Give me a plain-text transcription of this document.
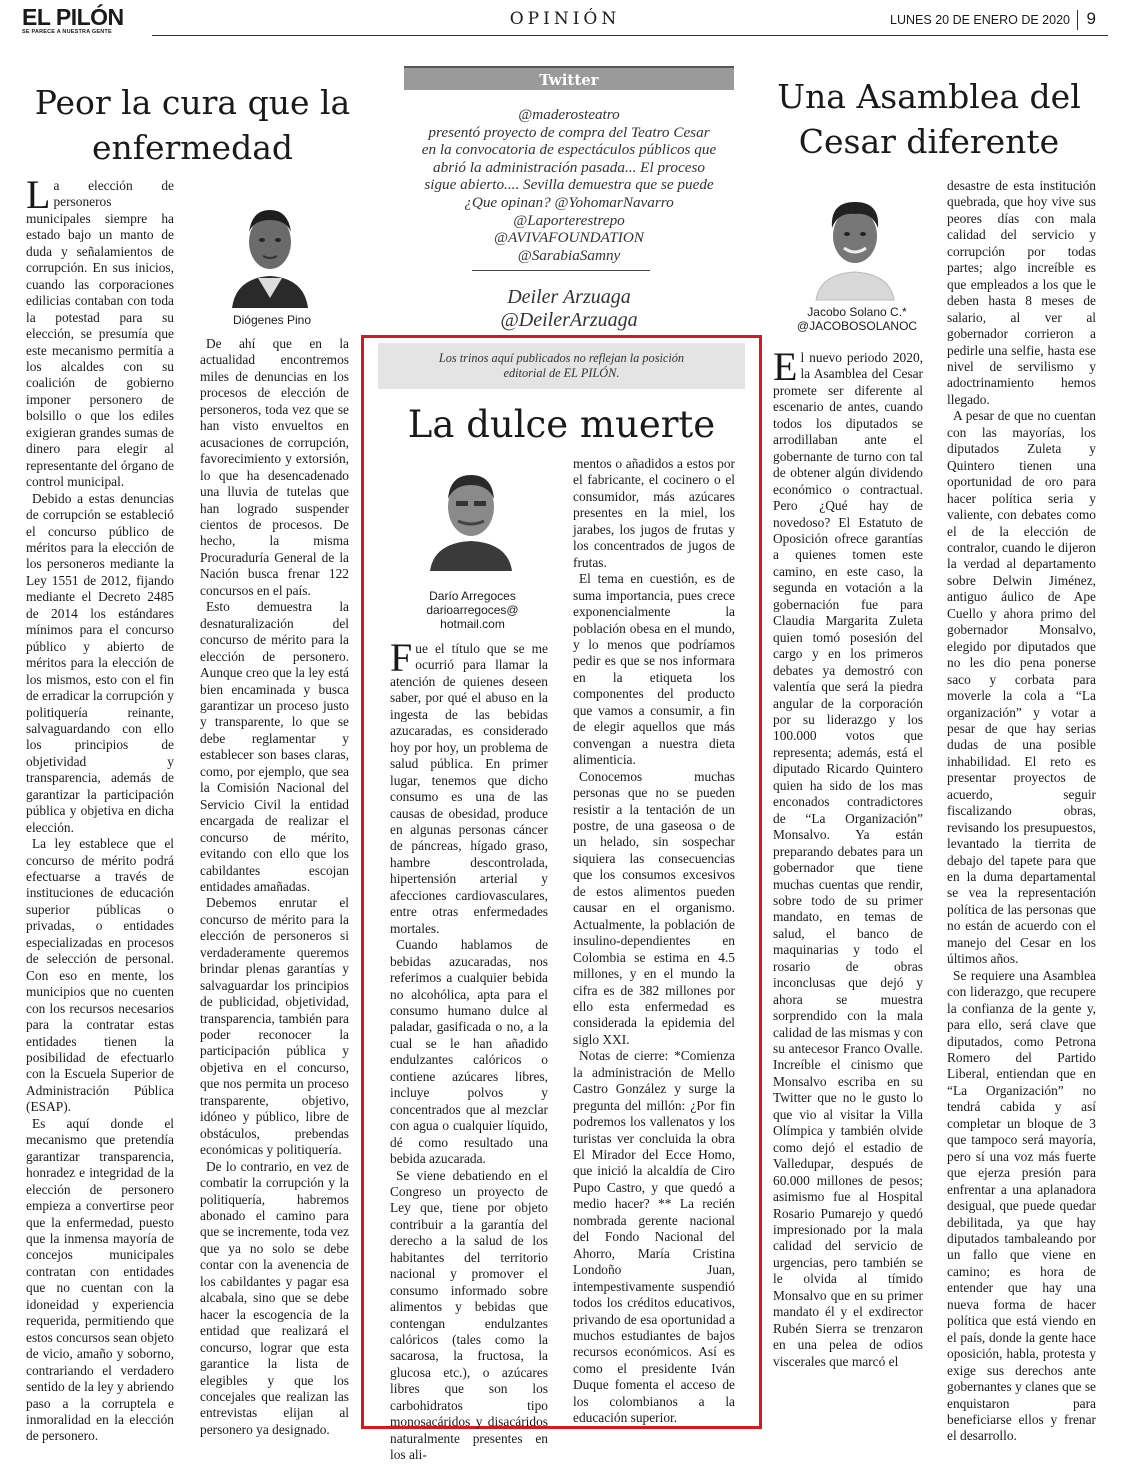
EL PILÓN
SE PARECE A NUESTRA GENTE
OPINIÓN	LUNES 20 DE ENERO DE 2020 9
Peor la cura que la enfermedad
Diógenes Pino

La elección de personeros municipales siempre ha estado bajo un manto de duda y señalamientos de corrupción. En sus inicios, cuando las corporaciones edilicias contaban con toda la potestad para su elección, se presumía que este mecanismo permitía a los alcaldes con su coalición de gobierno imponer personero de bolsillo o que los ediles exigieran grandes sumas de dinero para elegir al representante del órgano de control municipal.

Debido a estas denuncias de corrupción se estableció el concurso público de méritos para la elección de los personeros mediante la Ley 1551 de 2012, fijando mediante el Decreto 2485 de 2014 los estándares mínimos para el concurso público y abierto de méritos para la elección de los mismos, esto con el fin de erradicar la corrupción y politiquería reinante, salvaguardando con ello los principios de objetividad y transparencia, además de garantizar la participación pública y objetiva en dicha elección.

La ley establece que el concurso de mérito podrá efectuarse a través de instituciones de educación superior públicas o privadas, o entidades especializadas en procesos de selección de personal. Con eso en mente, los municipios que no cuenten con los recursos necesarios para la contratar estas entidades tienen la posibilidad de efectuarlo con la Escuela Superior de Administración Pública (ESAP).

Es aquí donde el mecanismo que pretendía garantizar transparencia, honradez e integridad de la elección de personero empieza a convertirse peor que la enfermedad, puesto que la inmensa mayoría de concejos municipales contratan con entidades que no cuentan con la idoneidad y experiencia requerida, permitiendo que estos concursos sean objeto de vicio, amaño y soborno, contrariando el verdadero sentido de la ley y abriendo paso a la corruptela e inmoralidad en la elección de personero.

De ahí que en la actualidad encontremos miles de denuncias en los procesos de elección de personeros, toda vez que se han visto envueltos en acusaciones de corrupción, favorecimiento y extorsión, lo que ha desencadenado una lluvia de tutelas que han logrado suspender cientos de procesos. De hecho, la misma Procuraduría General de la Nación busca frenar 122 concursos en el país.

Esto demuestra la desnaturalización del concurso de mérito para la elección de personero. Aunque creo que la ley está bien encaminada y busca garantizar un proceso justo y transparente, lo que se debe reglamentar y establecer son bases claras, como, por ejemplo, que sea la Comisión Nacional del Servicio Civil la entidad encargada de realizar el concurso de mérito, evitando con ello que los cabildantes escojan entidades amañadas.

Debemos enrutar el concurso de mérito para la elección de personeros si verdaderamente queremos brindar plenas garantías y salvaguardar los principios de publicidad, objetividad, transparencia, también para poder reconocer la participación pública y objetiva en el concurso, que nos permita un proceso transparente, objetivo, idóneo y público, libre de obstáculos, prebendas económicas y politiquería.

De lo contrario, en vez de combatir la corrupción y la politiquería, habremos abonado el camino para que se incremente, toda vez que ya no solo se debe contar con la avenencia de los cabildantes y pagar esa alcabala, sino que se debe hacer la escogencia de la entidad que realizará el concurso, lograr que esta garantice la lista de elegibles y que los concejales que realizan las entrevistas elijan al personero ya designado.

Twitter
@maderosteatro
presentó proyecto de compra del Teatro Cesar
en la convocatoria de espectáculos públicos que
abrió la administración pasada... El proceso
sigue abierto.... Sevilla demuestra que se puede
¿Que opinan? @YohomarNavarro
@Laporterestrepo
@AVIVAFOUNDATION
@SarabiaSamny
Deiler Arzuaga
@DeilerArzuaga
Los trinos aquí publicados no reflejan la posición
editorial de EL PILÓN.
La dulce muerte
Darío Arregoces
darioarregoces@
hotmail.com

Fue el título que se me ocurrió para llamar la atención de quienes deseen saber, por qué el abuso en la ingesta de las bebidas azucaradas, es considerado hoy por hoy, un problema de salud pública. En primer lugar, tenemos que dicho consumo es una de las causas de obesidad, produce en algunas personas cáncer de páncreas, hígado graso, hambre descontrolada, hipertensión arterial y afecciones cardiovasculares, entre otras enfermedades mortales.

Cuando hablamos de bebidas azucaradas, nos referimos a cualquier bebida no alcohólica, apta para el consumo humano dulce al paladar, gasificada o no, a la cual se le han añadido endulzantes calóricos o contiene azúcares libres, incluye polvos y concentrados que al mezclar con agua o cualquier líquido, dé como resultado una bebida azucarada.

Se viene debatiendo en el Congreso un proyecto de Ley que, tiene por objeto contribuir a la garantía del derecho a la salud de los habitantes del territorio nacional y promover el consumo informado sobre alimentos y bebidas que contengan endulzantes calóricos (tales como la sacarosa, la fructosa, la glucosa etc.), o azúcares libres que son los carbohidratos tipo monosacáridos y disacáridos naturalmente presentes en los ali-

mentos o añadidos a estos por el fabricante, el cocinero o el consumidor, más azúcares presentes en la miel, los jarabes, los jugos de frutas y los concentrados de jugos de frutas.

El tema en cuestión, es de suma importancia, pues crece exponencialmente la población obesa en el mundo, y lo menos que podríamos pedir es que se nos informara en la etiqueta los componentes del producto que vamos a consumir, a fin de elegir aquellos que más convengan a nuestra dieta alimenticia.

Conocemos muchas personas que no se pueden resistir a la tentación de un postre, de una gaseosa o de un helado, sin sospechar siquiera las consecuencias que los consumos excesivos de estos alimentos pueden causar en el organismo. Actualmente, la población de insulino-dependientes en Colombia se estima en 4.5 millones, y en el mundo la cifra es de 382 millones por ello esta enfermedad es considerada la epidemia del siglo XXI.

Notas de cierre: *Comienza la administración de Mello Castro González y surge la pregunta del millón: ¿Por fin podremos los vallenatos y los turistas ver concluida la obra El Mirador del Ecce Homo, que inició la alcaldía de Ciro Pupo Castro, y que quedó a medio hacer? ** La recién nombrada gerente nacional del Fondo Nacional del Ahorro, María Cristina Londoño Juan, intempestivamente suspendió todos los créditos educativos, privando de esa oportunidad a muchos estudiantes de bajos recursos económicos. Así es como el presidente Iván Duque fomenta el acceso de los colombianos a la educación superior.

Una Asamblea del Cesar diferente
Jacobo Solano C.*
@JACOBOSOLANOC

El nuevo periodo 2020, la Asamblea del Cesar promete ser diferente al escenario de antes, cuando todos los diputados se arrodillaban ante el gobernante de turno con tal de obtener algún dividendo económico o contractual. Pero ¿Qué hay de novedoso? El Estatuto de Oposición ofrece garantías a quienes tomen este camino, en este caso, la segunda en votación a la gobernación fue para Claudia Margarita Zuleta quien tomó posesión del cargo y en los primeros debates ya demostró con valentía que será la piedra angular de la corporación por su liderazgo y los 100.000 votos que representa; además, está el diputado Ricardo Quintero quien ha sido de los mas enconados contradictores de “La Organización” Monsalvo. Ya están preparando debates para un gobernador que tiene muchas cuentas que rendir, sobre todo de su primer mandato, en temas de salud, el banco de maquinarias y todo el rosario de obras inconclusas que dejó y ahora se muestra sorprendido con la mala calidad de las mismas y con su antecesor Franco Ovalle. Increíble el cinismo que Monsalvo escriba en su Twitter que no le gusto lo que vio al visitar la Villa Olímpica y también olvide como dejó el estadio de Valledupar, después de 60.000 millones de pesos; asimismo fue al Hospital Rosario Pumarejo y quedó impresionado por la mala calidad del servicio de urgencias, pero también se le olvida al tímido Monsalvo que en su primer mandato él y el exdirector Rubén Sierra se trenzaron en una pelea de odios viscerales que marcó el

desastre de esta institución quebrada, que hoy vive sus peores días con mala calidad del servicio y corrupción por todas partes; algo increíble es que empleados a los que le deben hasta 8 meses de salario, al ver al gobernador corrieron a pedirle una selfie, hasta ese nivel de servilismo y adoctrinamiento hemos llegado.

A pesar de que no cuentan con las mayorías, los diputados Zuleta y Quintero tienen una oportunidad de oro para hacer política seria y valiente, con debates como el de la elección de contralor, cuando le dijeron la verdad al departamento sobre Delwin Jiménez, antiguo áulico de Ape Cuello y ahora primo del gobernador Monsalvo, elegido por diputados que no les dio pena ponerse saco y corbata para moverle la cola a “La organización” y votar a pesar de que hay serias dudas de una posible inhabilidad. El reto es presentar proyectos de acuerdo, seguir fiscalizando obras, revisando los presupuestos, levantado la tierrita de debajo del tapete para que en la duma departamental se vea la representación política de las personas que no están de acuerdo con el manejo del Cesar en los últimos años.

Se requiere una Asamblea con liderazgo, que recupere la confianza de la gente y, para ello, será clave que diputados, como Petrona Romero del Partido Liberal, entiendan que en “La Organización” no tendrá cabida y así completar un bloque de 3 que tampoco será mayoría, pero sí una voz más fuerte que ejerza presión para enfrentar a una aplanadora desigual, que puede quedar debilitada, ya que hay diputados tambaleando por un fallo que viene en camino; es hora de entender que hay una nueva forma de hacer política que está viendo en el país, donde la gente hace oposición, habla, protesta y exige sus derechos ante gobernantes y clanes que se enquistaron para beneficiarse ellos y frenar el desarrollo.
